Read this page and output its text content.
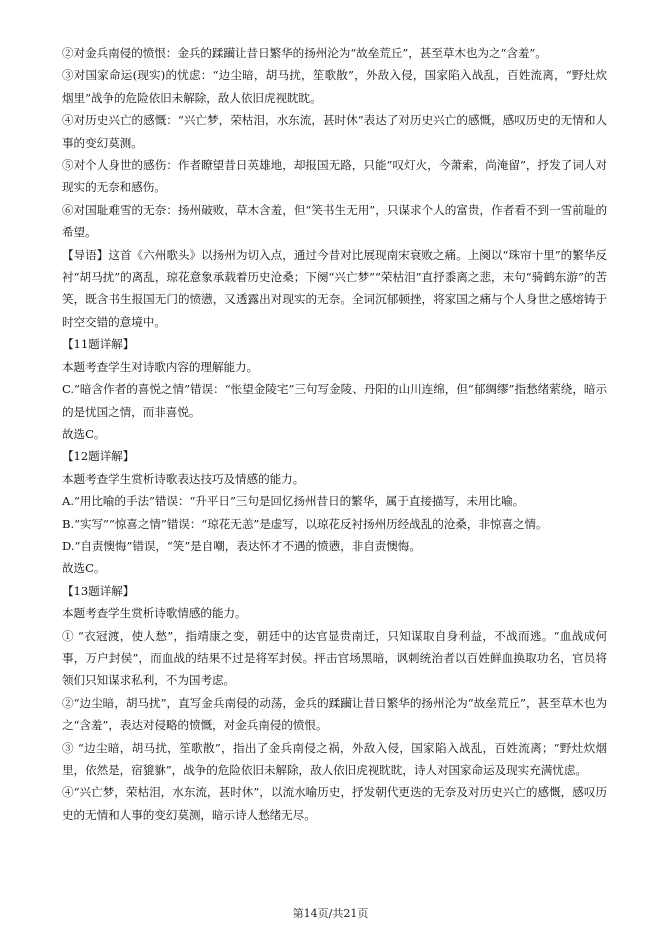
②对金兵南侵的愤恨：金兵的蹂躏让昔日繁华的扬州沦为“故垒荒丘”，甚至草木也为之“含羞”。

③对国家命运(现实)的忧虑：“边尘暗，胡马扰，笙歌散”，外敌入侵，国家陷入战乱，百姓流离，“野灶炊烟里”战争的危险依旧未解除，敌人依旧虎视眈眈。

④对历史兴亡的感慨：“兴亡梦，荣枯泪，水东流，甚时休”表达了对历史兴亡的感慨，感叹历史的无情和人事的变幻莫测。

⑤对个人身世的感伤：作者瞭望昔日英雄地，却报国无路，只能“叹灯火，今萧索，尚淹留”，抒发了词人对现实的无奈和感伤。

⑥对国耻难雪的无奈：扬州破败，草木含羞，但“笑书生无用”，只谋求个人的富贵，作者看不到一雪前耻的希望。

【导语】这首《六州歌头》以扬州为切入点，通过今昔对比展现南宋衰败之痛。上阕以“珠帘十里”的繁华反衬“胡马扰”的离乱，琼花意象承载着历史沧桑；下阕“兴亡梦”“荣枯泪”直抒黍离之悲，末句“骑鹤东游”的苦笑，既含书生报国无门的愤懑，又透露出对现实的无奈。全词沉郁顿挫，将家国之痛与个人身世之感熔铸于时空交错的意境中。

【11题详解】

本题考查学生对诗歌内容的理解能力。

C.“暗含作者的喜悦之情”错误：“怅望金陵宅”三句写金陵、丹阳的山川连绵，但“郁绸缪”指愁绪萦绕，暗示的是忧国之情，而非喜悦。

故选C。

【12题详解】

本题考查学生赏析诗歌表达技巧及情感的能力。

A.“用比喻的手法”错误：“升平日”三句是回忆扬州昔日的繁华，属于直接描写，未用比喻。

B.“实写”“惊喜之情”错误：“琼花无恙”是虚写，以琼花反衬扬州历经战乱的沧桑，非惊喜之情。

D.“自责懊悔”错误，“笑”是自嘲，表达怀才不遇的愤懑，非自责懊悔。

故选C。

【13题详解】

本题考查学生赏析诗歌情感的能力。

① “衣冠渡，使人愁”，指靖康之变，朝廷中的达官显贵南迁，只知谋取自身利益，不战而逃。“血战成何事，万户封侯”，而血战的结果不过是将军封侯。抨击官场黑暗，讽刺统治者以百姓鲜血换取功名，官员将领们只知谋求私利，不为国考虑。

②“边尘暗，胡马扰”，直写金兵南侵的动荡，金兵的蹂躏让昔日繁华的扬州沦为“故垒荒丘”，甚至草木也为之“含羞”，表达对侵略的愤慨，对金兵南侵的愤恨。

③ “边尘暗，胡马扰，笙歌散”，指出了金兵南侵之祸，外敌入侵，国家陷入战乱，百姓流离；“野灶炊烟里，依然是，宿貔貅”，战争的危险依旧未解除，敌人依旧虎视眈眈，诗人对国家命运及现实充满忧虑。

④“兴亡梦，荣枯泪，水东流，甚时休”，以流水喻历史，抒发朝代更迭的无奈及对历史兴亡的感慨，感叹历史的无情和人事的变幻莫测，暗示诗人愁绪无尽。

第14页/共21页
